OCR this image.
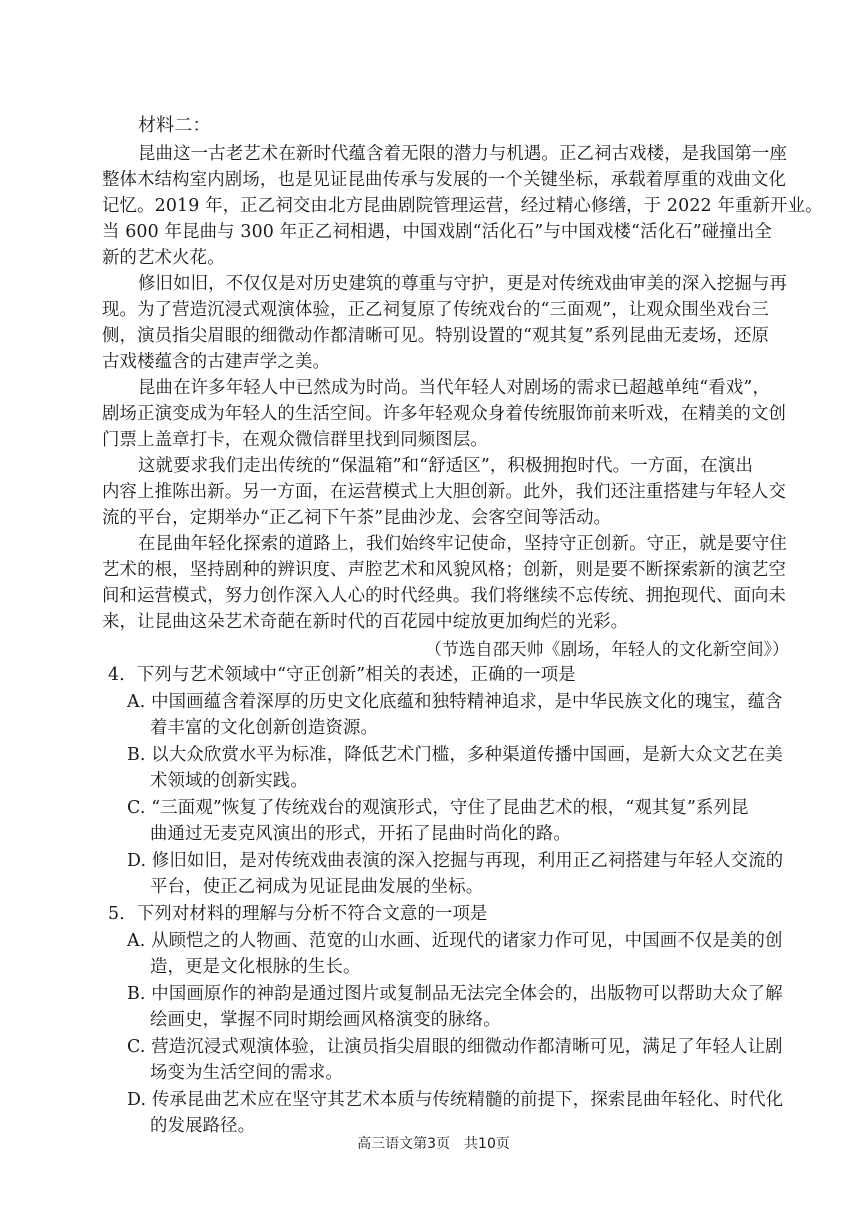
材料二：
昆曲这一古老艺术在新时代蕴含着无限的潜力与机遇。正乙祠古戏楼，是我国第一座
整体木结构室内剧场，也是见证昆曲传承与发展的一个关键坐标，承载着厚重的戏曲文化
记忆。2019 年，正乙祠交由北方昆曲剧院管理运营，经过精心修缮，于 2022 年重新开业。
当 600 年昆曲与 300 年正乙祠相遇，中国戏剧“活化石”与中国戏楼“活化石”碰撞出全
新的艺术火花。
修旧如旧，不仅仅是对历史建筑的尊重与守护，更是对传统戏曲审美的深入挖掘与再
现。为了营造沉浸式观演体验，正乙祠复原了传统戏台的“三面观”，让观众围坐戏台三
侧，演员指尖眉眼的细微动作都清晰可见。特别设置的“观其复”系列昆曲无麦场，还原
古戏楼蕴含的古建声学之美。
昆曲在许多年轻人中已然成为时尚。当代年轻人对剧场的需求已超越单纯“看戏”，
剧场正演变成为年轻人的生活空间。许多年轻观众身着传统服饰前来听戏，在精美的文创
门票上盖章打卡，在观众微信群里找到同频图层。
这就要求我们走出传统的“保温箱”和“舒适区”，积极拥抱时代。一方面，在演出
内容上推陈出新。另一方面，在运营模式上大胆创新。此外，我们还注重搭建与年轻人交
流的平台，定期举办“正乙祠下午茶”昆曲沙龙、会客空间等活动。
在昆曲年轻化探索的道路上，我们始终牢记使命，坚持守正创新。守正，就是要守住
艺术的根，坚持剧种的辨识度、声腔艺术和风貌风格；创新，则是要不断探索新的演艺空
间和运营模式，努力创作深入人心的时代经典。我们将继续不忘传统、拥抱现代、面向未
来，让昆曲这朵艺术奇葩在新时代的百花园中绽放更加绚烂的光彩。
（节选自邵天帅《剧场，年轻人的文化新空间》）
4．下列与艺术领域中“守正创新”相关的表述，正确的一项是
A. 中国画蕴含着深厚的历史文化底蕴和独特精神追求，是中华民族文化的瑰宝，蕴含
着丰富的文化创新创造资源。
B. 以大众欣赏水平为标准，降低艺术门槛，多种渠道传播中国画，是新大众文艺在美
术领域的创新实践。
C. “三面观”恢复了传统戏台的观演形式，守住了昆曲艺术的根，“观其复”系列昆
曲通过无麦克风演出的形式，开拓了昆曲时尚化的路。
D. 修旧如旧，是对传统戏曲表演的深入挖掘与再现，利用正乙祠搭建与年轻人交流的
平台，使正乙祠成为见证昆曲发展的坐标。
5．下列对材料的理解与分析不符合文意的一项是
A. 从顾恺之的人物画、范宽的山水画、近现代的诸家力作可见，中国画不仅是美的创
造，更是文化根脉的生长。
B. 中国画原作的神韵是通过图片或复制品无法完全体会的，出版物可以帮助大众了解
绘画史，掌握不同时期绘画风格演变的脉络。
C. 营造沉浸式观演体验，让演员指尖眉眼的细微动作都清晰可见，满足了年轻人让剧
场变为生活空间的需求。
D. 传承昆曲艺术应在坚守其艺术本质与传统精髓的前提下，探索昆曲年轻化、时代化
的发展路径。
高三语文第3页　共10页
